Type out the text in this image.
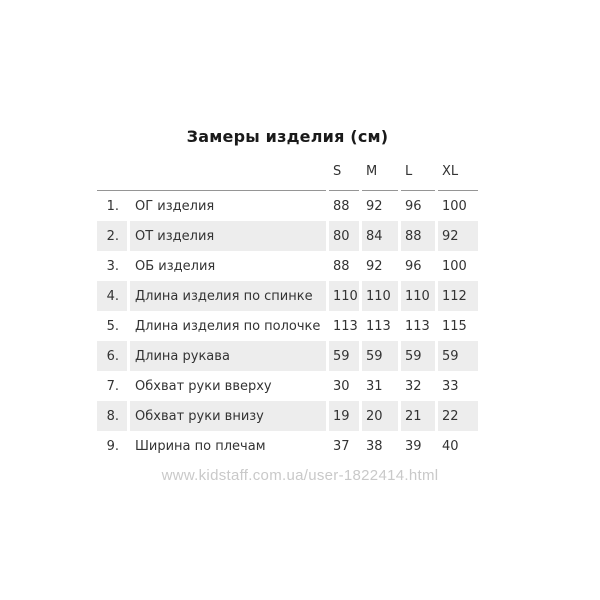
Замеры изделия (см)
		S	M	L	XL
1.	ОГ изделия	88	92	96	100
2.	ОТ изделия	80	84	88	92
3.	ОБ изделия	88	92	96	100
4.	Длина изделия по спинке	110	110	110	112
5.	Длина изделия по полочке	113	113	113	115
6.	Длина рукава	59	59	59	59
7.	Обхват руки вверху	30	31	32	33
8.	Обхват руки внизу	19	20	21	22
9.	Ширина по плечам	37	38	39	40
www.kidstaff.com.ua/user-1822414.html
